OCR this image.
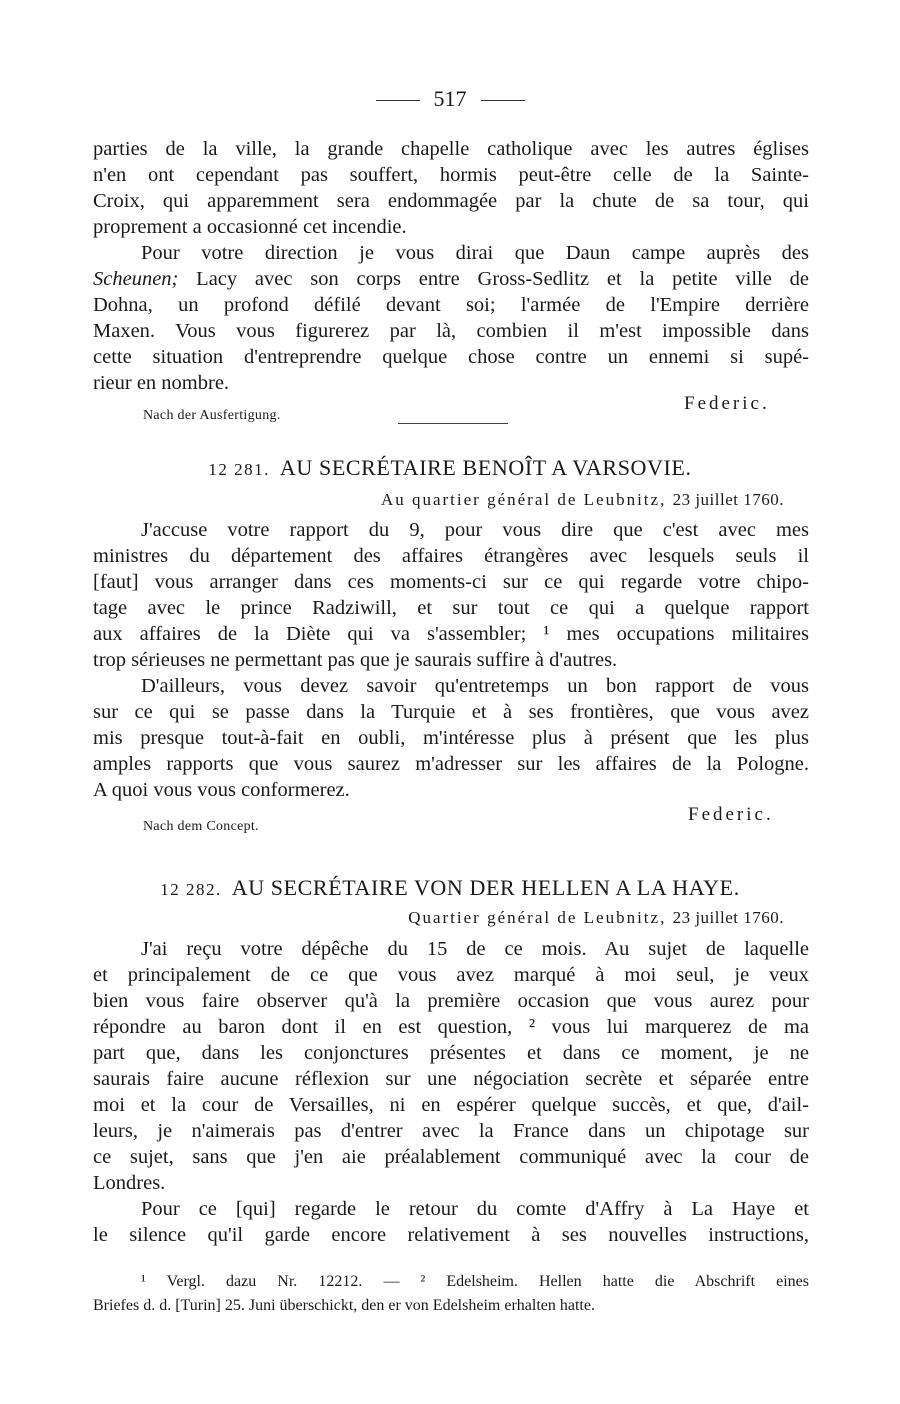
517
parties de la ville, la grande chapelle catholique avec les autres églises
n'en ont cependant pas souffert, hormis peut-être celle de la Sainte-
Croix, qui apparemment sera endommagée par la chute de sa tour, qui
proprement a occasionné cet incendie.
Pour votre direction je vous dirai que Daun campe auprès des
Scheunen; Lacy avec son corps entre Gross-Sedlitz et la petite ville de
Dohna, un profond défilé devant soi; l'armée de l'Empire derrière
Maxen. Vous vous figurerez par là, combien il m'est impossible dans
cette situation d'entreprendre quelque chose contre un ennemi si supé-
rieur en nombre.
Federic.
Nach der Ausfertigung.
12 281. AU SECRÉTAIRE BENOÎT A VARSOVIE.
Au quartier général de Leubnitz, 23 juillet 1760.
J'accuse votre rapport du 9, pour vous dire que c'est avec mes
ministres du département des affaires étrangères avec lesquels seuls il
[faut] vous arranger dans ces moments-ci sur ce qui regarde votre chipo-
tage avec le prince Radziwill, et sur tout ce qui a quelque rapport
aux affaires de la Diète qui va s'assembler; ¹ mes occupations militaires
trop sérieuses ne permettant pas que je saurais suffire à d'autres.
D'ailleurs, vous devez savoir qu'entretemps un bon rapport de vous
sur ce qui se passe dans la Turquie et à ses frontières, que vous avez
mis presque tout-à-fait en oubli, m'intéresse plus à présent que les plus
amples rapports que vous saurez m'adresser sur les affaires de la Pologne.
A quoi vous vous conformerez.
Federic.
Nach dem Concept.
12 282. AU SECRÉTAIRE VON DER HELLEN A LA HAYE.
Quartier général de Leubnitz, 23 juillet 1760.
J'ai reçu votre dépêche du 15 de ce mois. Au sujet de laquelle
et principalement de ce que vous avez marqué à moi seul, je veux
bien vous faire observer qu'à la première occasion que vous aurez pour
répondre au baron dont il en est question, ² vous lui marquerez de ma
part que, dans les conjonctures présentes et dans ce moment, je ne
saurais faire aucune réflexion sur une négociation secrète et séparée entre
moi et la cour de Versailles, ni en espérer quelque succès, et que, d'ail-
leurs, je n'aimerais pas d'entrer avec la France dans un chipotage sur
ce sujet, sans que j'en aie préalablement communiqué avec la cour de
Londres.
Pour ce [qui] regarde le retour du comte d'Affry à La Haye et
le silence qu'il garde encore relativement à ses nouvelles instructions,
¹ Vergl. dazu Nr. 12212. — ² Edelsheim. Hellen hatte die Abschrift eines
Briefes d. d. [Turin] 25. Juni überschickt, den er von Edelsheim erhalten hatte.
